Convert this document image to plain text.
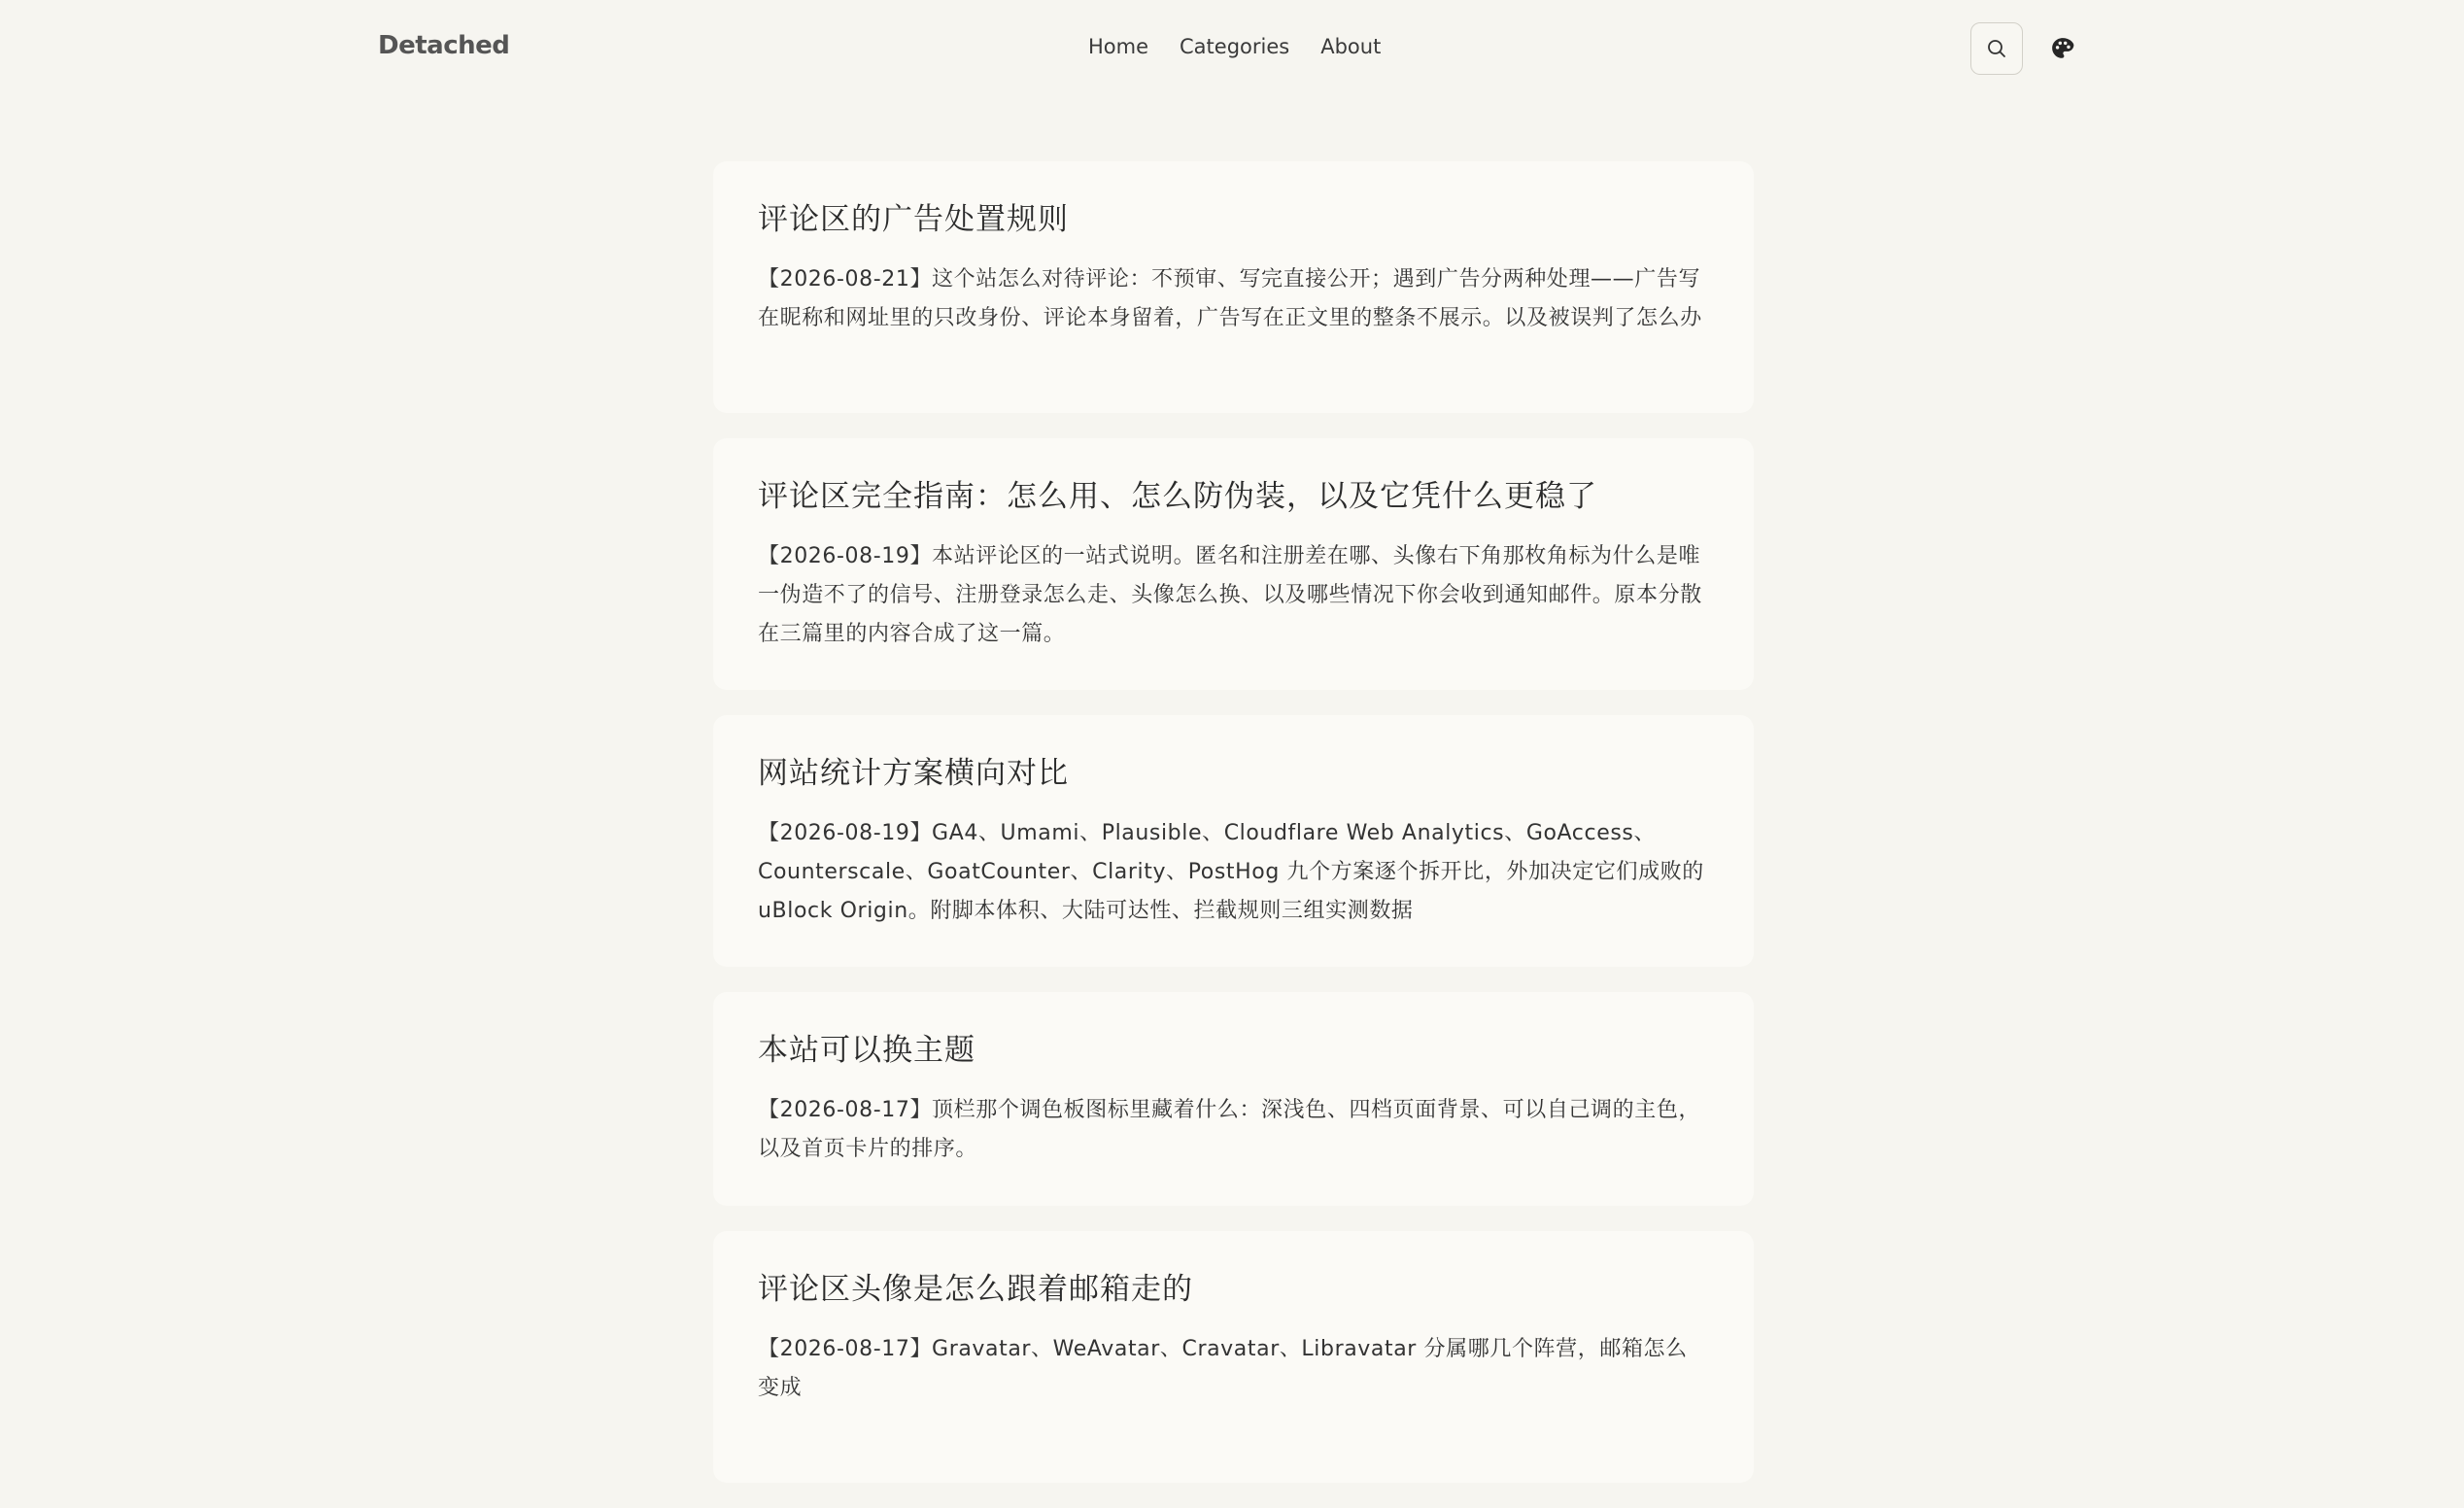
Detached	Home Categories About
评论区的广告处置规则

【2026-08-21】这个站怎么对待评论：不预审、写完直接公开；遇到广告分两种处理——广告写在昵称和网址里的只改身份、评论本身留着，广告写在正文里的整条不展示。以及被误判了怎么办

评论区完全指南：怎么用、怎么防伪装，以及它凭什么更稳了

【2026-08-19】本站评论区的一站式说明。匿名和注册差在哪、头像右下角那枚角标为什么是唯一伪造不了的信号、注册登录怎么走、头像怎么换、以及哪些情况下你会收到通知邮件。原本分散在三篇里的内容合成了这一篇。

网站统计方案横向对比

【2026-08-19】GA4、Umami、Plausible、Cloudflare Web Analytics、GoAccess、Counterscale、GoatCounter、Clarity、PostHog 九个方案逐个拆开比，外加决定它们成败的 uBlock Origin。附脚本体积、大陆可达性、拦截规则三组实测数据

本站可以换主题

【2026-08-17】顶栏那个调色板图标里藏着什么：深浅色、四档页面背景、可以自己调的主色，以及首页卡片的排序。

评论区头像是怎么跟着邮箱走的

【2026-08-17】Gravatar、WeAvatar、Cravatar、Libravatar 分属哪几个阵营，邮箱怎么变成
